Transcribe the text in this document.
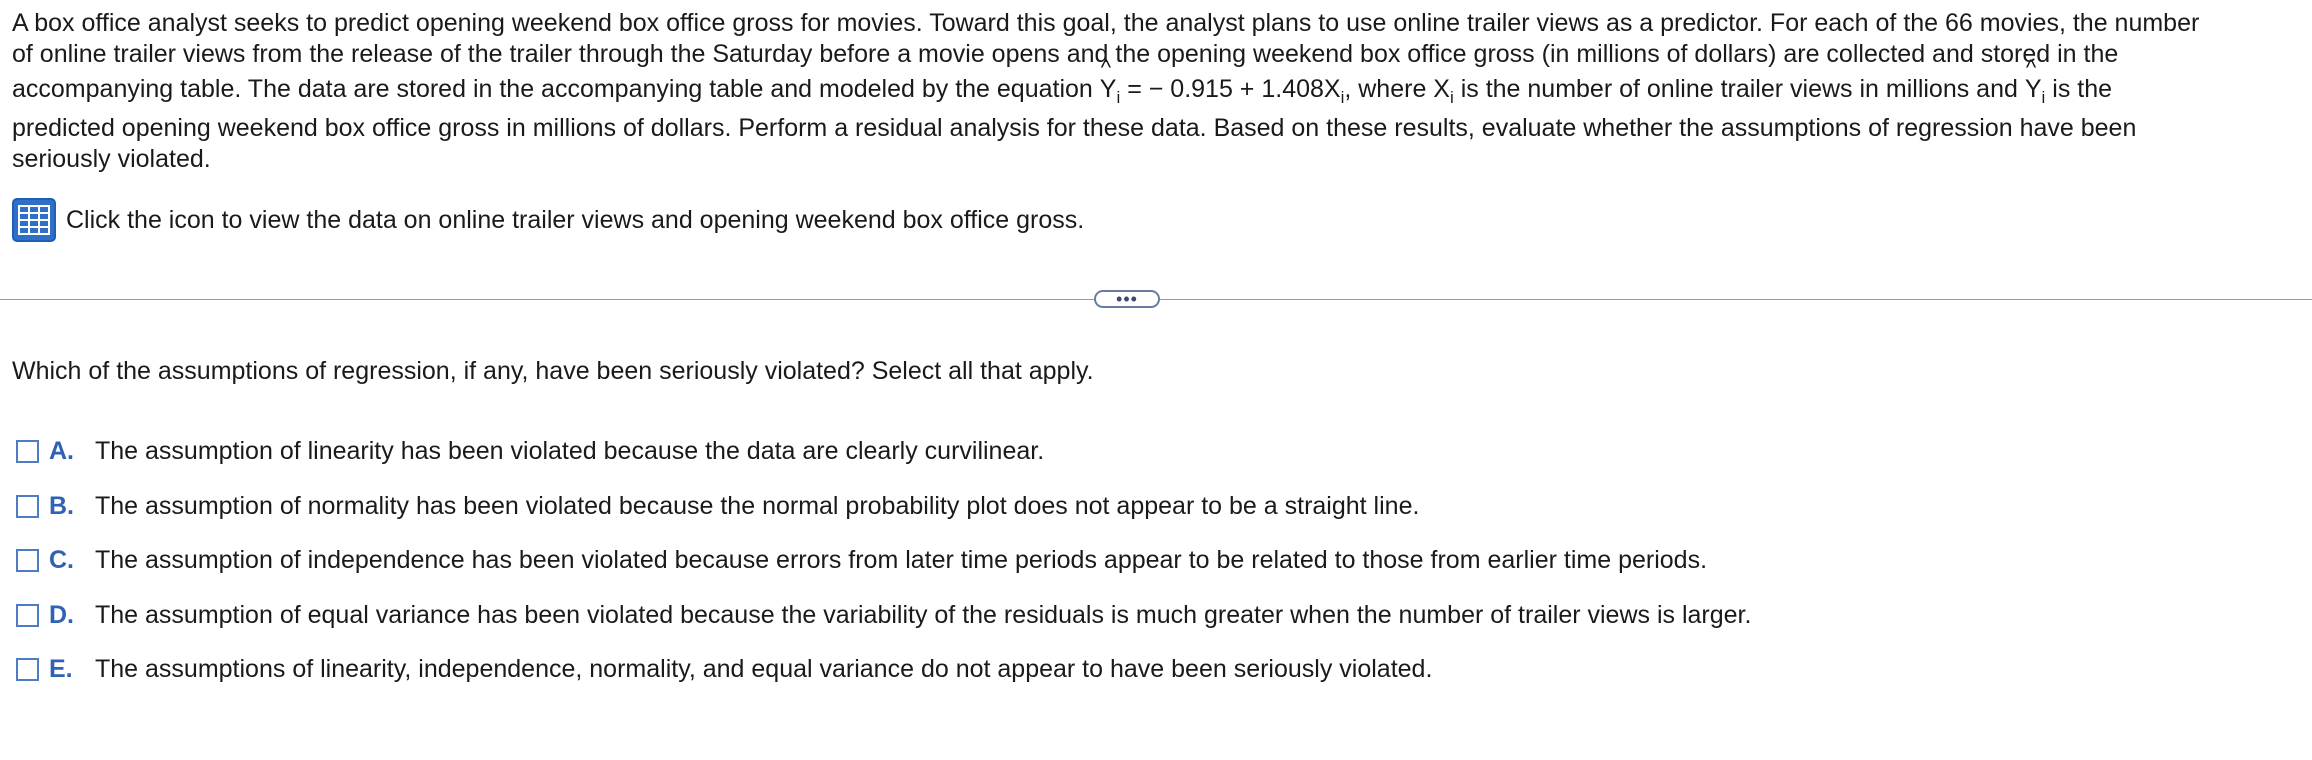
A box office analyst seeks to predict opening weekend box office gross for movies. Toward this goal, the analyst plans to use online trailer views as a predictor. For each of the 66 movies, the number

of online trailer views from the release of the trailer through the Saturday before a movie opens and the opening weekend box office gross (in millions of dollars) are collected and stored in the

accompanying table. The data are stored in the accompanying table and modeled by the equation ^ $Y_i$ = − $0.915 + 1.408X_i$, where $X_i$ is the number of online trailer views in millions and ^ $Y_i$ is the

predicted opening weekend box office gross in millions of dollars. Perform a residual analysis for these data. Based on these results, evaluate whether the assumptions of regression have been

seriously violated.

Click the icon to view the data on online trailer views and opening weekend box office gross.
•••
Which of the assumptions of regression, if any, have been seriously violated? Select all that apply.
A. The assumption of linearity has been violated because the data are clearly curvilinear.
B. The assumption of normality has been violated because the normal probability plot does not appear to be a straight line.
C. The assumption of independence has been violated because errors from later time periods appear to be related to those from earlier time periods.
D. The assumption of equal variance has been violated because the variability of the residuals is much greater when the number of trailer views is larger.
E. The assumptions of linearity, independence, normality, and equal variance do not appear to have been seriously violated.
